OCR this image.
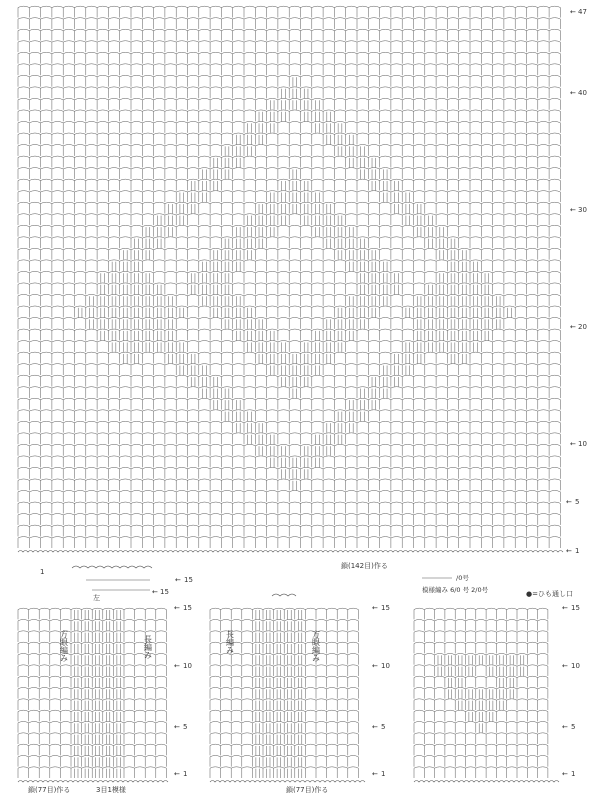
← 47
← 40
← 30
← 20
← 10
← 5
← 1
鎖(142目)作る
1
← 15
← 15
左
方眼編み	長編み
← 15
← 10
← 5
← 1
鎖(77目)作る	3目1模様
長編み	方眼編み
← 15
← 10
← 5
← 1
鎖(77目)作る
/0号
模様編み 6/0 号 2/0号	●=ひも通し口
← 15
← 10
← 5
← 1
